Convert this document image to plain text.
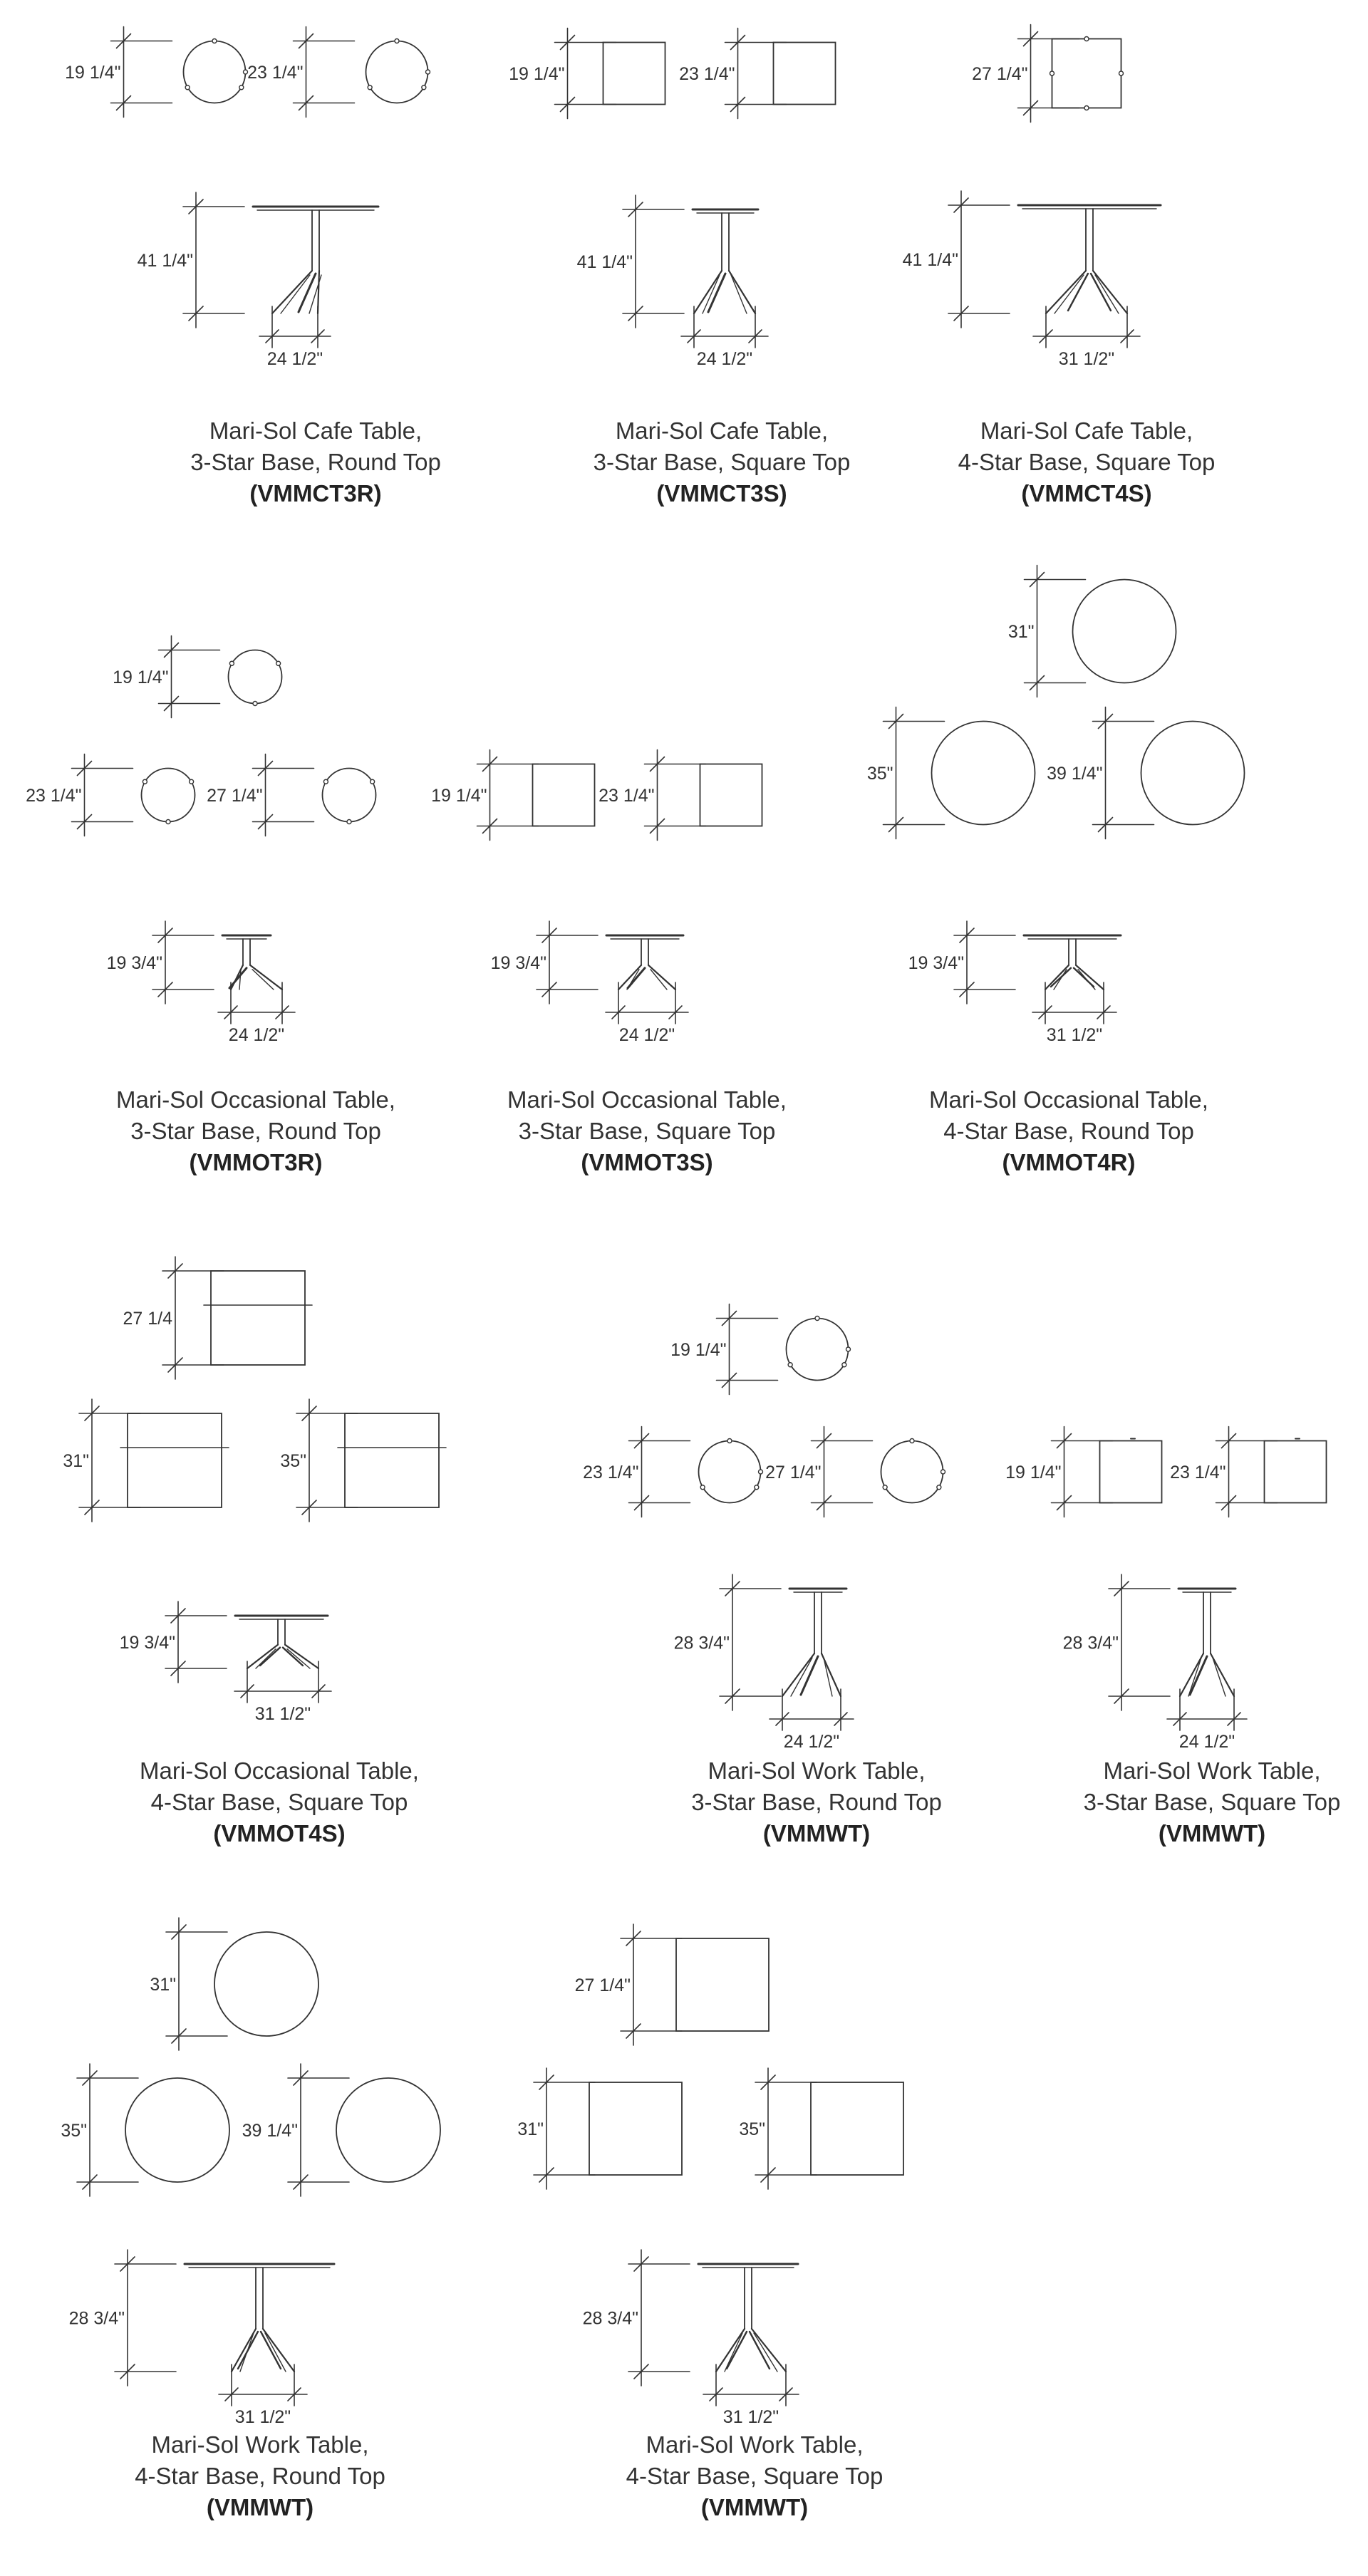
19 1/4"	23 1/4"
41 1/4"
24 1/2"
19 1/4"	23 1/4"
41 1/4"
24 1/2"
27 1/4"
41 1/4"
31 1/2"
19 1/4"
23 1/4"	27 1/4"
19 3/4"
24 1/2"
19 1/4"	23 1/4"
19 3/4"
24 1/2"
31"
35"	39 1/4"
19 3/4"
31 1/2"
27 1/4
31"	35"
19 3/4"
31 1/2"
19 1/4"
23 1/4"	27 1/4"
28 3/4"
24 1/2"
19 1/4"	23 1/4"
28 3/4"
24 1/2"
31"
35"	39 1/4"
28 3/4"
31 1/2"
27 1/4"
31"	35"
28 3/4"
31 1/2"
Mari-Sol Cafe Table,
3-Star Base, Round Top
(VMMCT3R)
Mari-Sol Cafe Table,
3-Star Base, Square Top
(VMMCT3S)
Mari-Sol Cafe Table,
4-Star Base, Square Top
(VMMCT4S)
Mari-Sol Occasional Table,
3-Star Base, Round Top
(VMMOT3R)
Mari-Sol Occasional Table,
3-Star Base, Square Top
(VMMOT3S)
Mari-Sol Occasional Table,
4-Star Base, Round Top
(VMMOT4R)
Mari-Sol Occasional Table,
4-Star Base, Square Top
(VMMOT4S)
Mari-Sol Work Table,
3-Star Base, Round Top
(VMMWT)
Mari-Sol Work Table,
3-Star Base, Square Top
(VMMWT)
Mari-Sol Work Table,
4-Star Base, Round Top
(VMMWT)
Mari-Sol Work Table,
4-Star Base, Square Top
(VMMWT)
